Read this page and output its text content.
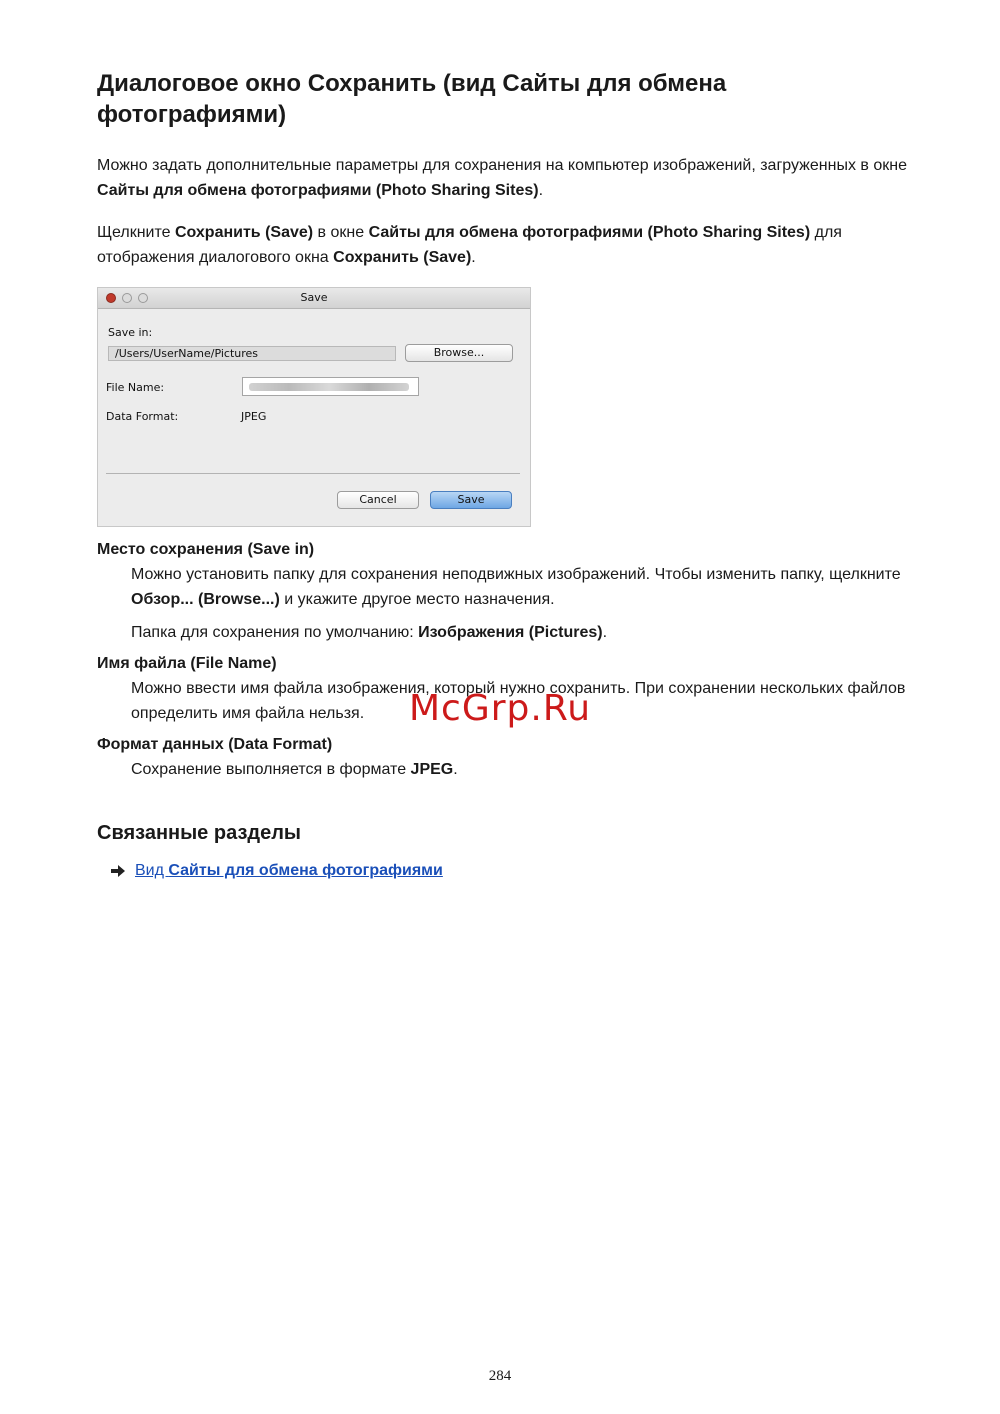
Диалоговое окно Сохранить (вид Сайты для обмена фотографиями)

Можно задать дополнительные параметры для сохранения на компьютер изображений, загруженных в окне Сайты для обмена фотографиями (Photo Sharing Sites).

Щелкните Сохранить (Save) в окне Сайты для обмена фотографиями (Photo Sharing Sites) для отображения диалогового окна Сохранить (Save).

Save
Save in:
/Users/UserName/Pictures	Browse...
File Name:
Data Format:	JPEG
Cancel	Save
Место сохранения (Save in)

Можно установить папку для сохранения неподвижных изображений. Чтобы изменить папку, щелкните Обзор... (Browse...) и укажите другое место назначения.

Папка для сохранения по умолчанию: Изображения (Pictures).

Имя файла (File Name)

Можно ввести имя файла изображения, который нужно сохранить. При сохранении нескольких файлов определить имя файла нельзя.

Формат данных (Data Format)

Сохранение выполняется в формате JPEG.

Связанные разделы
Вид Сайты для обмена фотографиями
McGrp.Ru
284
